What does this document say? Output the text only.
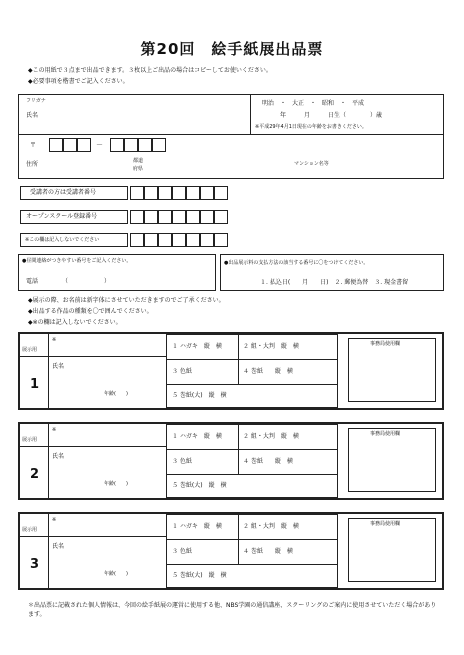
第20回　絵手紙展出品票
◆この用紙で３点まで出品できます。３枚以上ご出品の場合はコピーしてお使いください。
◆必要事項を楷書でご記入ください。
フリガナ
氏名
明治　・　大正　・　昭和　・　平成
年　　　月　　　日生（　　　　）歳
※平成29年4月1日現在の年齢をお書きください。
〒	－
住所	都道
府県
マンション名等
受講者の方は受講者番号
オープンスクール登録番号
※この欄は記入しないでください
●昼間連絡がつきやすい番号をご記入ください。
電話	（　　　　　　）
●出品展示料の支払方法の該当する番号に〇をつけてください。
１. 払込日(　　月　　日)　２. 郵便為替　３. 現金書留
◆展示の際、お名前は新字体にさせていただきますのでご了承ください。
◆出品する作品の種類を〇で囲んでください。
◆※の欄は記入しないでください。
展示用
※
1
氏名
年齢(　　)
１ ハガキ　縦　横	２ 組・大判　縦　横
３ 色紙	４ 巻紙　　縦　横
５ 巻紙(大)　縦　横
事務局使用欄
展示用
※
2
氏名
年齢(　　)
１ ハガキ　縦　横	２ 組・大判　縦　横
３ 色紙	４ 巻紙　　縦　横
５ 巻紙(大)　縦　横
事務局使用欄
展示用
※
3
氏名
年齢(　　)
１ ハガキ　縦　横	２ 組・大判　縦　横
３ 色紙	４ 巻紙　　縦　横
５ 巻紙(大)　縦　横
事務局使用欄
＊出品票に記載された個人情報は、今回の絵手紙展の運営に使用する他、NBS学園の通信講座、スクーリングのご案内に使用させていただく場合があります。
